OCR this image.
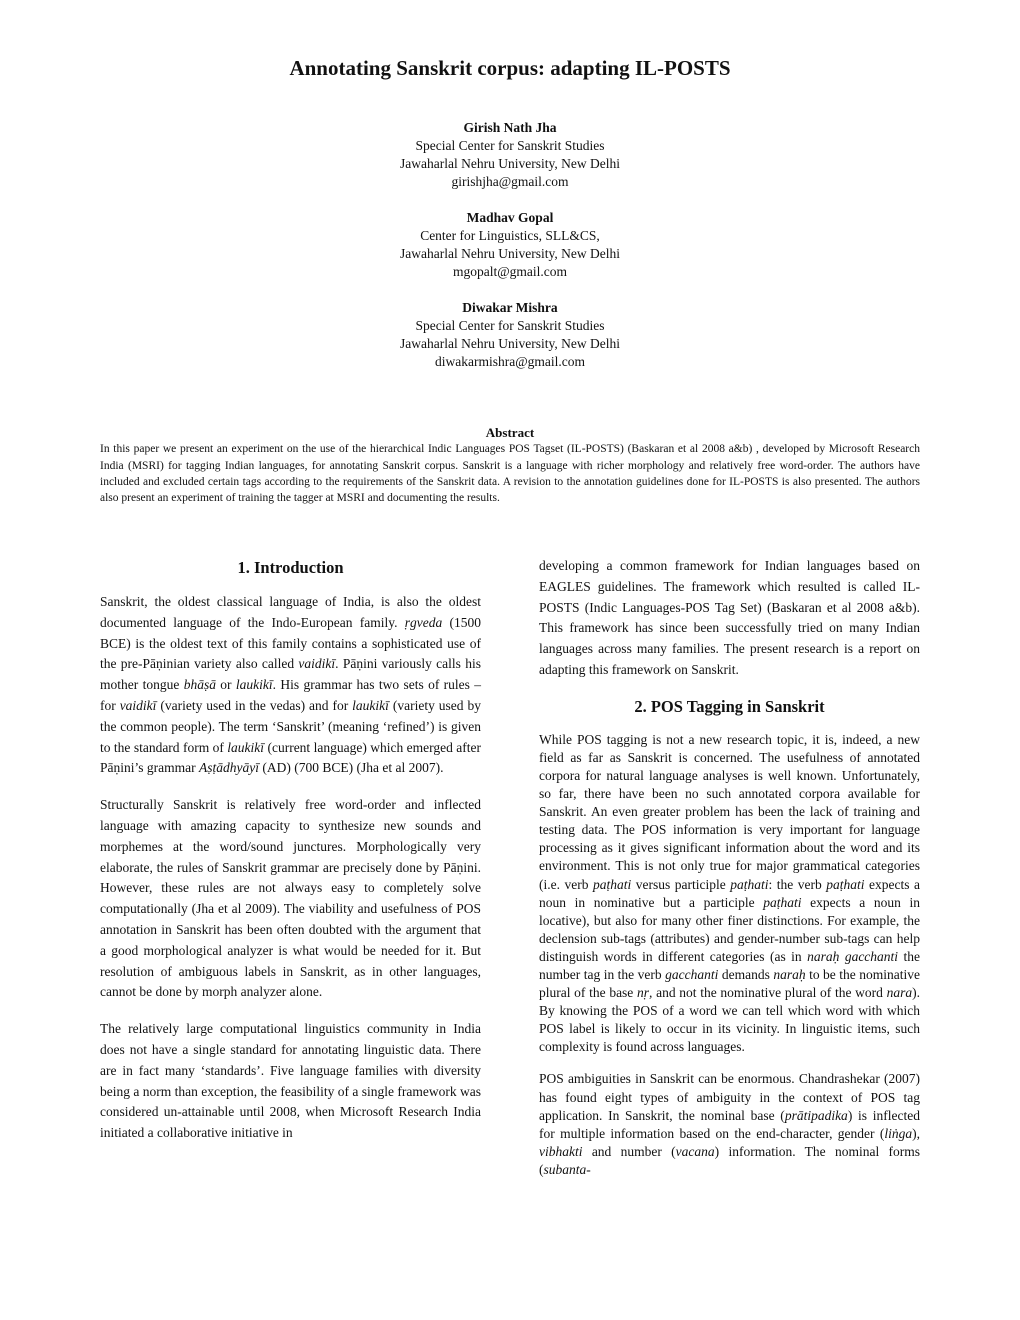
Annotating Sanskrit corpus: adapting IL-POSTS
Girish Nath Jha
Special Center for Sanskrit Studies
Jawaharlal Nehru University, New Delhi
girishjha@gmail.com
Madhav Gopal
Center for Linguistics, SLL&CS,
Jawaharlal Nehru University, New Delhi
mgopalt@gmail.com
Diwakar Mishra
Special Center for Sanskrit Studies
Jawaharlal Nehru University, New Delhi
diwakarmishra@gmail.com
Abstract
In this paper we present an experiment on the use of the hierarchical Indic Languages POS Tagset (IL-POSTS) (Baskaran et al 2008 a&b) , developed by Microsoft Research India (MSRI) for tagging Indian languages, for annotating Sanskrit corpus. Sanskrit is a language with richer morphology and relatively free word-order. The authors have included and excluded certain tags according to the requirements of the Sanskrit data. A revision to the annotation guidelines done for IL-POSTS is also presented. The authors also present an experiment of training the tagger at MSRI and documenting the results.
1. Introduction

Sanskrit, the oldest classical language of India, is also the oldest documented language of the Indo-European family. ṛgveda (1500 BCE) is the oldest text of this family contains a sophisticated use of the pre-Pāṇinian variety also called vaidikī. Pāṇini variously calls his mother tongue bhāṣā or laukikī. His grammar has two sets of rules – for vaidikī (variety used in the vedas) and for laukikī (variety used by the common people). The term ‘Sanskrit’ (meaning ‘refined’) is given to the standard form of laukikī (current language) which emerged after Pāṇini’s grammar Aṣṭādhyāyī (AD) (700 BCE) (Jha et al 2007).

Structurally Sanskrit is relatively free word-order and inflected language with amazing capacity to synthesize new sounds and morphemes at the word/sound junctures. Morphologically very elaborate, the rules of Sanskrit grammar are precisely done by Pāṇini. However, these rules are not always easy to completely solve computationally (Jha et al 2009). The viability and usefulness of POS annotation in Sanskrit has been often doubted with the argument that a good morphological analyzer is what would be needed for it. But resolution of ambiguous labels in Sanskrit, as in other languages, cannot be done by morph analyzer alone.

The relatively large computational linguistics community in India does not have a single standard for annotating linguistic data. There are in fact many ‘standards’. Five language families with diversity being a norm than exception, the feasibility of a single framework was considered un-attainable until 2008, when Microsoft Research India initiated a collaborative initiative in

developing a common framework for Indian languages based on EAGLES guidelines. The framework which resulted is called IL-POSTS (Indic Languages-POS Tag Set) (Baskaran et al 2008 a&b). This framework has since been successfully tried on many Indian languages across many families. The present research is a report on adapting this framework on Sanskrit.

2. POS Tagging in Sanskrit

While POS tagging is not a new research topic, it is, indeed, a new field as far as Sanskrit is concerned. The usefulness of annotated corpora for natural language analyses is well known. Unfortunately, so far, there have been no such annotated corpora available for Sanskrit. An even greater problem has been the lack of training and testing data. The POS information is very important for language processing as it gives significant information about the word and its environment. This is not only true for major grammatical categories (i.e. verb paṭhati versus participle paṭhati: the verb paṭhati expects a noun in nominative but a participle paṭhati expects a noun in locative), but also for many other finer distinctions. For example, the declension sub-tags (attributes) and gender-number sub-tags can help distinguish words in different categories (as in naraḥ gacchanti the number tag in the verb gacchanti demands naraḥ to be the nominative plural of the base nṛ, and not the nominative plural of the word nara). By knowing the POS of a word we can tell which word with which POS label is likely to occur in its vicinity. In linguistic items, such complexity is found across languages.

POS ambiguities in Sanskrit can be enormous. Chandrashekar (2007) has found eight types of ambiguity in the context of POS tag application. In Sanskrit, the nominal base (prātipadika) is inflected for multiple information based on the end-character, gender (liṅga), vibhakti and number (vacana) information. The nominal forms (subanta-
